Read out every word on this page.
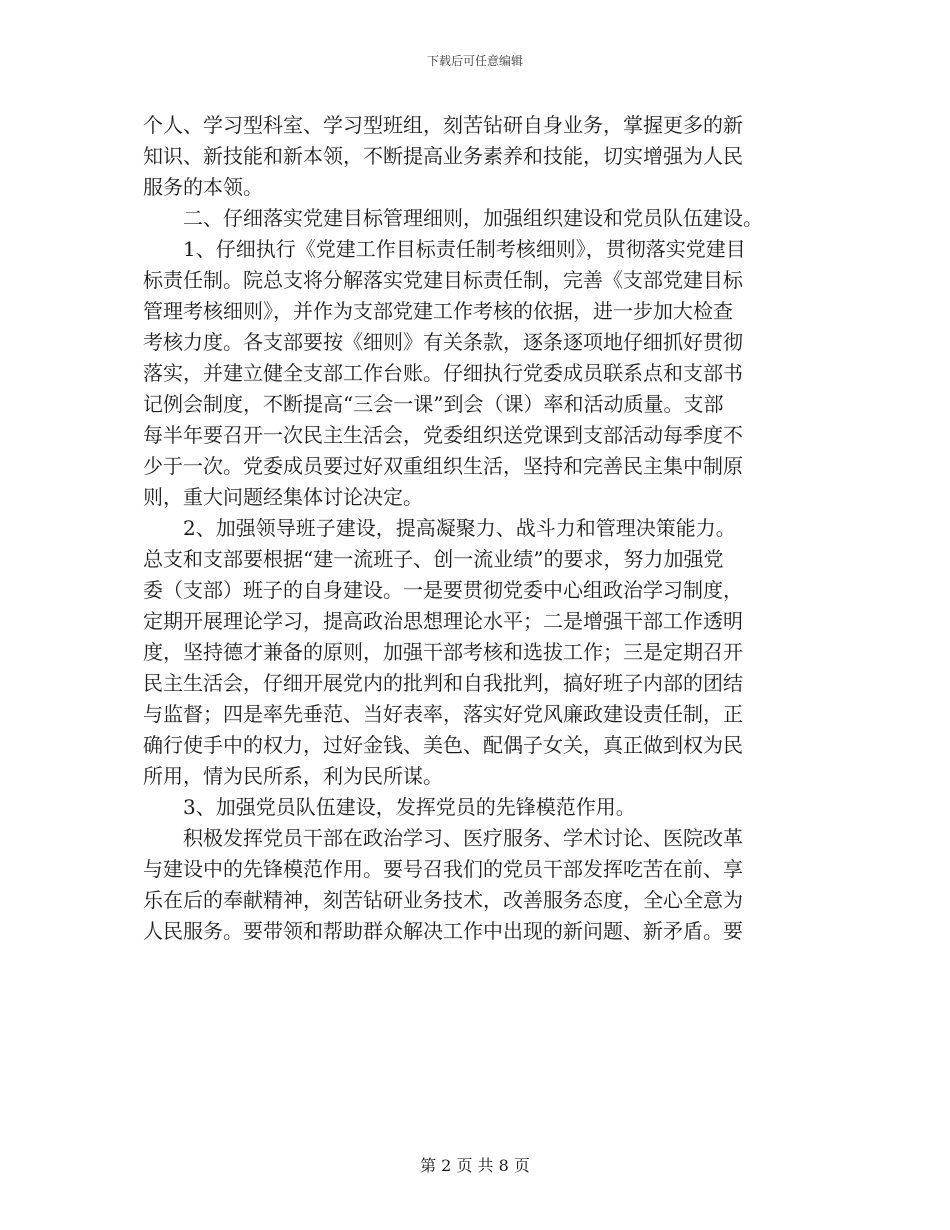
下载后可任意编辑
个人、学习型科室、学习型班组，刻苦钻研自身业务，掌握更多的新
知识、新技能和新本领，不断提高业务素养和技能，切实增强为人民
服务的本领。
　　二、仔细落实党建目标管理细则，加强组织建设和党员队伍建设。
　　1、仔细执行《党建工作目标责任制考核细则》，贯彻落实党建目
标责任制。院总支将分解落实党建目标责任制，完善《支部党建目标
管理考核细则》，并作为支部党建工作考核的依据，进一步加大检查
考核力度。各支部要按《细则》有关条款，逐条逐项地仔细抓好贯彻
落实，并建立健全支部工作台账。仔细执行党委成员联系点和支部书
记例会制度，不断提高“三会一课”到会（课）率和活动质量。支部
每半年要召开一次民主生活会，党委组织送党课到支部活动每季度不
少于一次。党委成员要过好双重组织生活，坚持和完善民主集中制原
则，重大问题经集体讨论决定。
　　2、加强领导班子建设，提高凝聚力、战斗力和管理决策能力。
总支和支部要根据“建一流班子、创一流业绩”的要求，努力加强党
委（支部）班子的自身建设。一是要贯彻党委中心组政治学习制度，
定期开展理论学习，提高政治思想理论水平；二是增强干部工作透明
度，坚持德才兼备的原则，加强干部考核和选拔工作；三是定期召开
民主生活会，仔细开展党内的批判和自我批判，搞好班子内部的团结
与监督；四是率先垂范、当好表率，落实好党风廉政建设责任制，正
确行使手中的权力，过好金钱、美色、配偶子女关，真正做到权为民
所用，情为民所系，利为民所谋。
　　3、加强党员队伍建设，发挥党员的先锋模范作用。
　　积极发挥党员干部在政治学习、医疗服务、学术讨论、医院改革
与建设中的先锋模范作用。要号召我们的党员干部发挥吃苦在前、享
乐在后的奉献精神，刻苦钻研业务技术，改善服务态度，全心全意为
人民服务。要带领和帮助群众解决工作中出现的新问题、新矛盾。要
第 2 页 共 8 页
